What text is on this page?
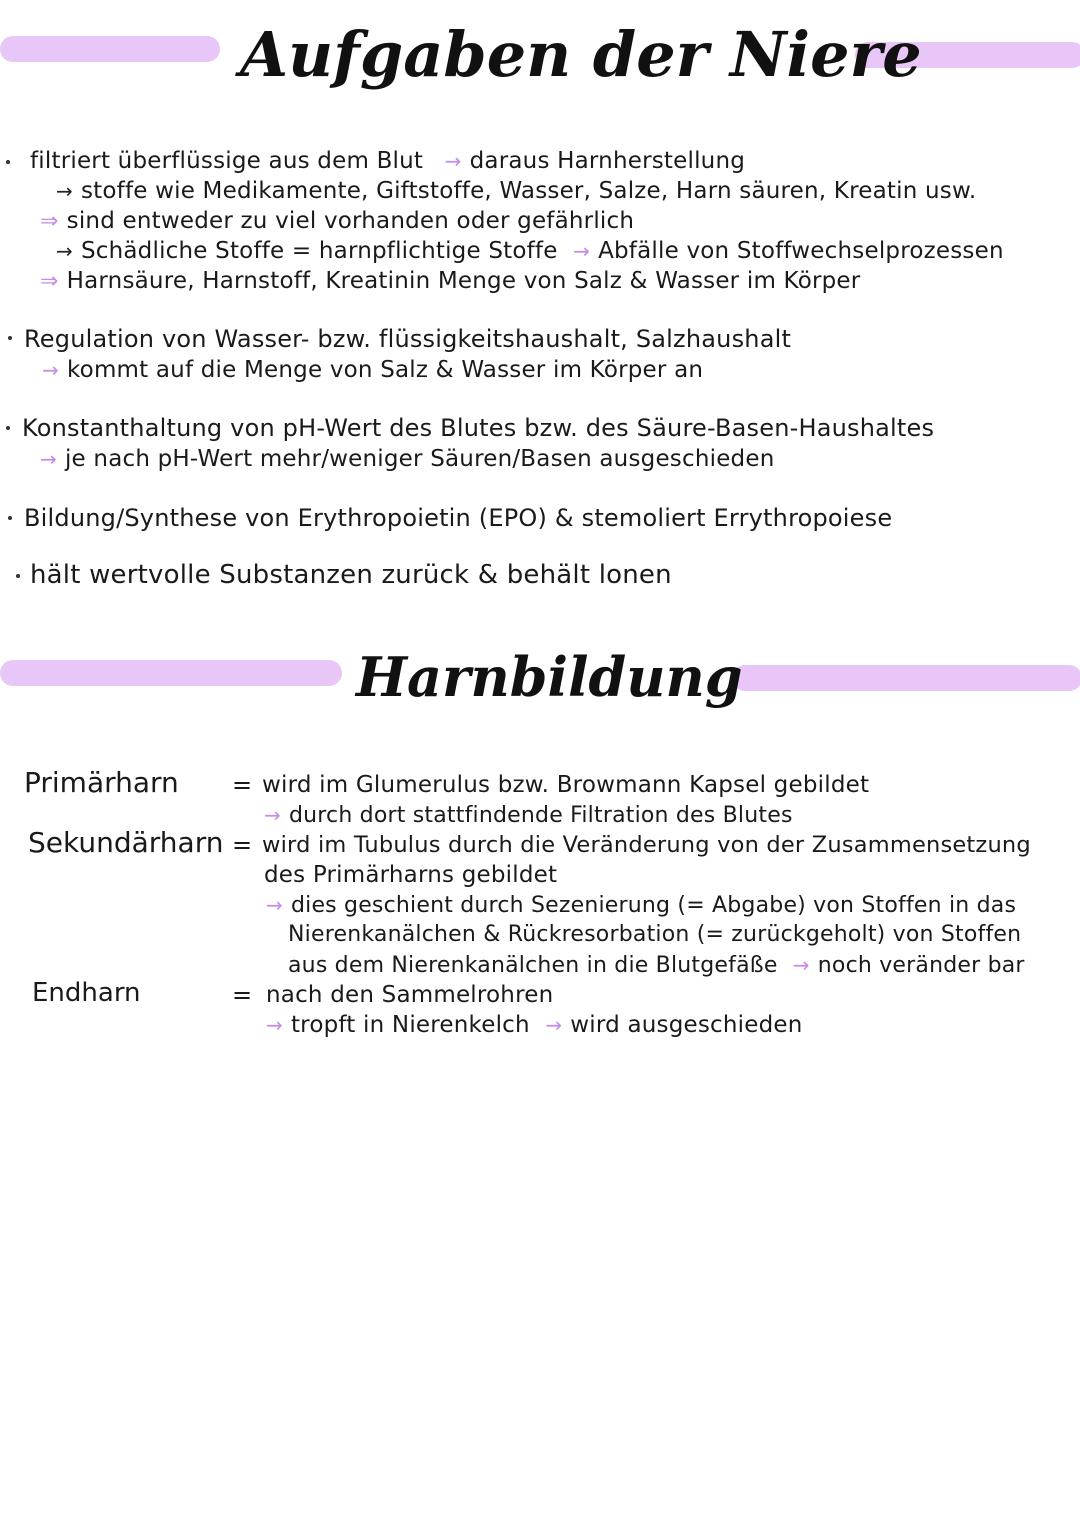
Aufgaben der Niere
filtriert überflüssige aus dem Blut → daraus Harnherstellung
→ stoffe wie Medikamente, Giftstoffe, Wasser, Salze, Harn säuren, Kreatin usw.
⇒ sind entweder zu viel vorhanden oder gefährlich
→ Schädliche Stoffe = harnpflichtige Stoffe → Abfälle von Stoffwechselprozessen
⇒ Harnsäure, Harnstoff, Kreatinin Menge von Salz & Wasser im Körper
Regulation von Wasser- bzw. flüssigkeitshaushalt, Salzhaushalt
→ kommt auf die Menge von Salz & Wasser im Körper an
Konstanthaltung von pH-Wert des Blutes bzw. des Säure-Basen-Haushaltes
→ je nach pH-Wert mehr/weniger Säuren/Basen ausgeschieden
Bildung/Synthese von Erythropoietin (EPO) & stemoliert Errythropoiese
hält wertvolle Substanzen zurück & behält lonen
Harnbildung
Primärharn = wird im Glumerulus bzw. Browmann Kapsel gebildet
→ durch dort stattfindende Filtration des Blutes
Sekundärharn = wird im Tubulus durch die Veränderung von der Zusammensetzung
des Primärharns gebildet
→ dies geschient durch Sezenierung (= Abgabe) von Stoffen in das
Nierenkanälchen & Rückresorbation (= zurückgeholt) von Stoffen
aus dem Nierenkanälchen in die Blutgefäße → noch veränder bar
Endharn	= nach den Sammelrohren
→ tropft in Nierenkelch → wird ausgeschieden
